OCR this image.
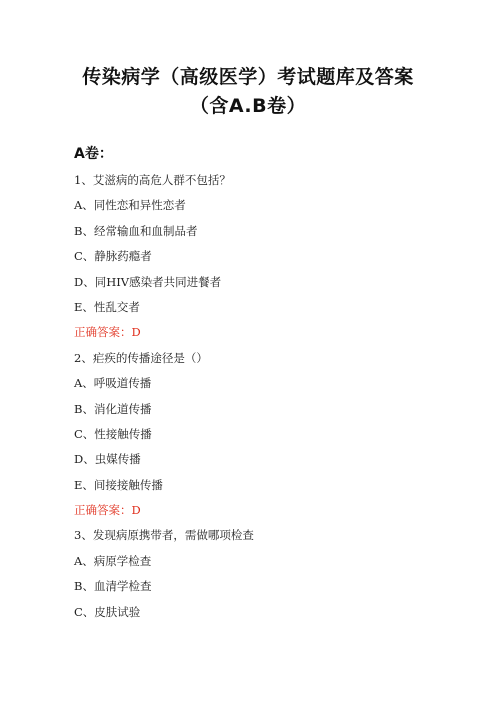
传染病学（高级医学）考试题库及答案
（含A.B卷）
A卷：
1、艾滋病的高危人群不包括？
A、同性恋和异性恋者
B、经常输血和血制品者
C、静脉药瘾者
D、同HIV感染者共同进餐者
E、性乱交者
正确答案：D
2、疟疾的传播途径是（）
A、呼吸道传播
B、消化道传播
C、性接触传播
D、虫媒传播
E、间接接触传播
正确答案：D
3、发现病原携带者，需做哪项检查
A、病原学检查
B、血清学检查
C、皮肤试验
